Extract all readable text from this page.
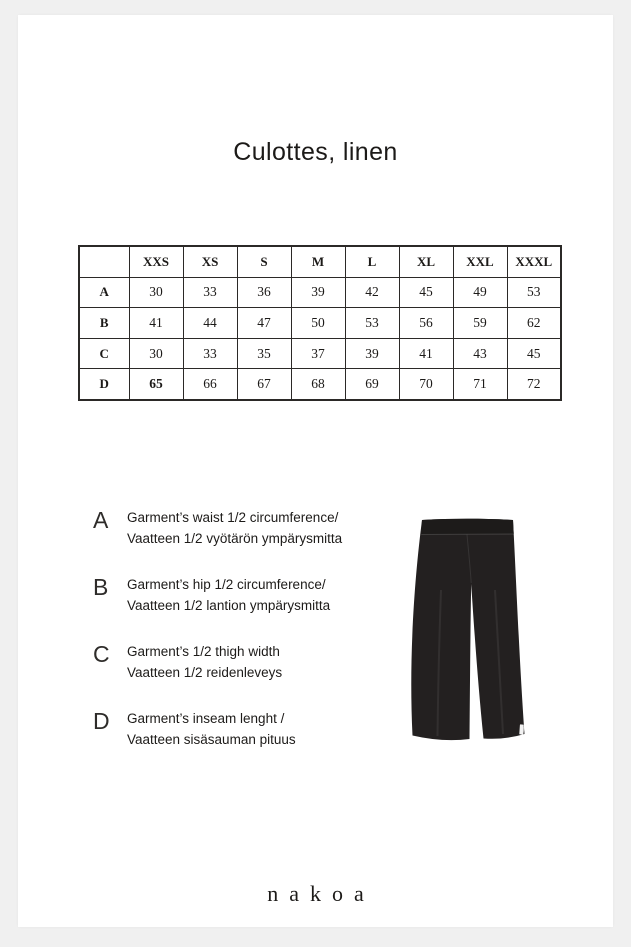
Culottes, linen
	XXS	XS	S	M	L	XL	XXL	XXXL
A	30	33	36	39	42	45	49	53
B	41	44	47	50	53	56	59	62
C	30	33	35	37	39	41	43	45
D	65	66	67	68	69	70	71	72
A	Garment’s waist 1/2 circumference/
Vaatteen 1/2 vyötärön ympärysmitta
B	Garment’s hip 1/2 circumference/
Vaatteen 1/2 lantion ympärysmitta
C	Garment’s 1/2 thigh width
Vaatteen 1/2 reidenleveys
D	Garment’s inseam lenght /
Vaatteen sisäsauman pituus
nakoa
